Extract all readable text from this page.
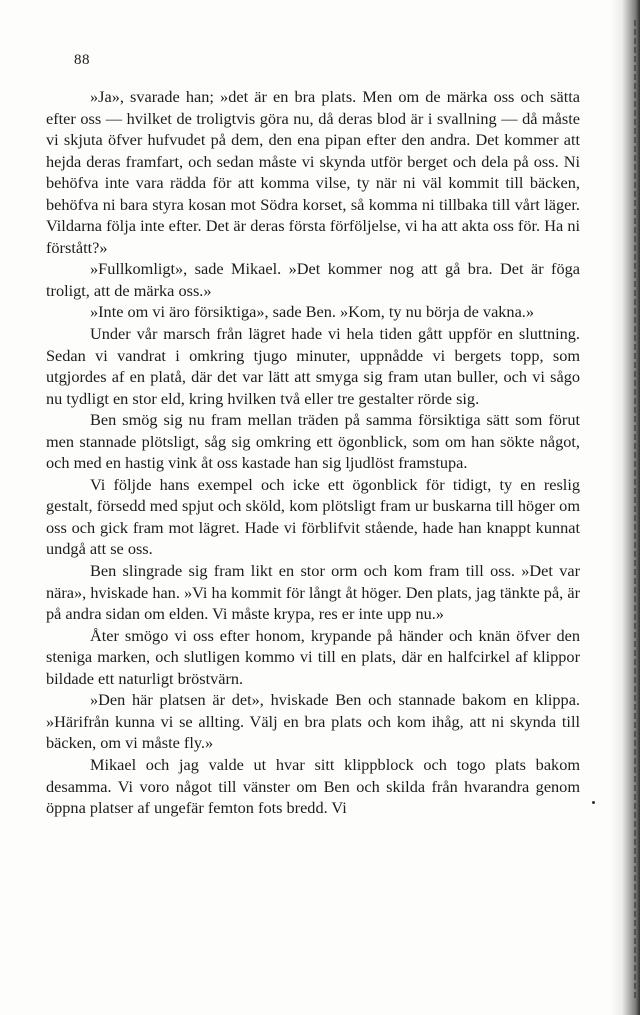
88

»Ja», svarade han; »det är en bra plats. Men om de märka oss och sätta efter oss — hvilket de troligtvis göra nu, då deras blod är i svallning — då måste vi skjuta öfver hufvudet på dem, den ena pipan efter den andra. Det kommer att hejda deras framfart, och sedan måste vi skynda utför berget och dela på oss. Ni behöfva inte vara rädda för att komma vilse, ty när ni väl kommit till bäcken, behöfva ni bara styra kosan mot Södra korset, så komma ni tillbaka till vårt läger. Vildarna följa inte efter. Det är deras första förföljelse, vi ha att akta oss för. Ha ni förstått?»

»Fullkomligt», sade Mikael. »Det kommer nog att gå bra. Det är föga troligt, att de märka oss.»

»Inte om vi äro försiktiga», sade Ben. »Kom, ty nu börja de vakna.»

Under vår marsch från lägret hade vi hela tiden gått uppför en sluttning. Sedan vi vandrat i omkring tjugo minuter, uppnådde vi bergets topp, som utgjordes af en platå, där det var lätt att smyga sig fram utan buller, och vi sågo nu tydligt en stor eld, kring hvilken två eller tre gestalter rörde sig.

Ben smög sig nu fram mellan träden på samma försiktiga sätt som förut men stannade plötsligt, såg sig omkring ett ögonblick, som om han sökte något, och med en hastig vink åt oss kastade han sig ljudlöst framstupa.

Vi följde hans exempel och icke ett ögonblick för tidigt, ty en reslig gestalt, försedd med spjut och sköld, kom plötsligt fram ur buskarna till höger om oss och gick fram mot lägret. Hade vi förblifvit stående, hade han knappt kunnat undgå att se oss.

Ben slingrade sig fram likt en stor orm och kom fram till oss. »Det var nära», hviskade han. »Vi ha kommit för långt åt höger. Den plats, jag tänkte på, är på andra sidan om elden. Vi måste krypa, res er inte upp nu.»

Åter smögo vi oss efter honom, krypande på händer och knän öfver den steniga marken, och slutligen kommo vi till en plats, där en halfcirkel af klippor bildade ett naturligt bröstvärn.

»Den här platsen är det», hviskade Ben och stannade bakom en klippa. »Härifrån kunna vi se allting. Välj en bra plats och kom ihåg, att ni skynda till bäcken, om vi måste fly.»

Mikael och jag valde ut hvar sitt klippblock och togo plats bakom desamma. Vi voro något till vänster om Ben och skilda från hvarandra genom öppna platser af ungefär femton fots bredd. Vi
